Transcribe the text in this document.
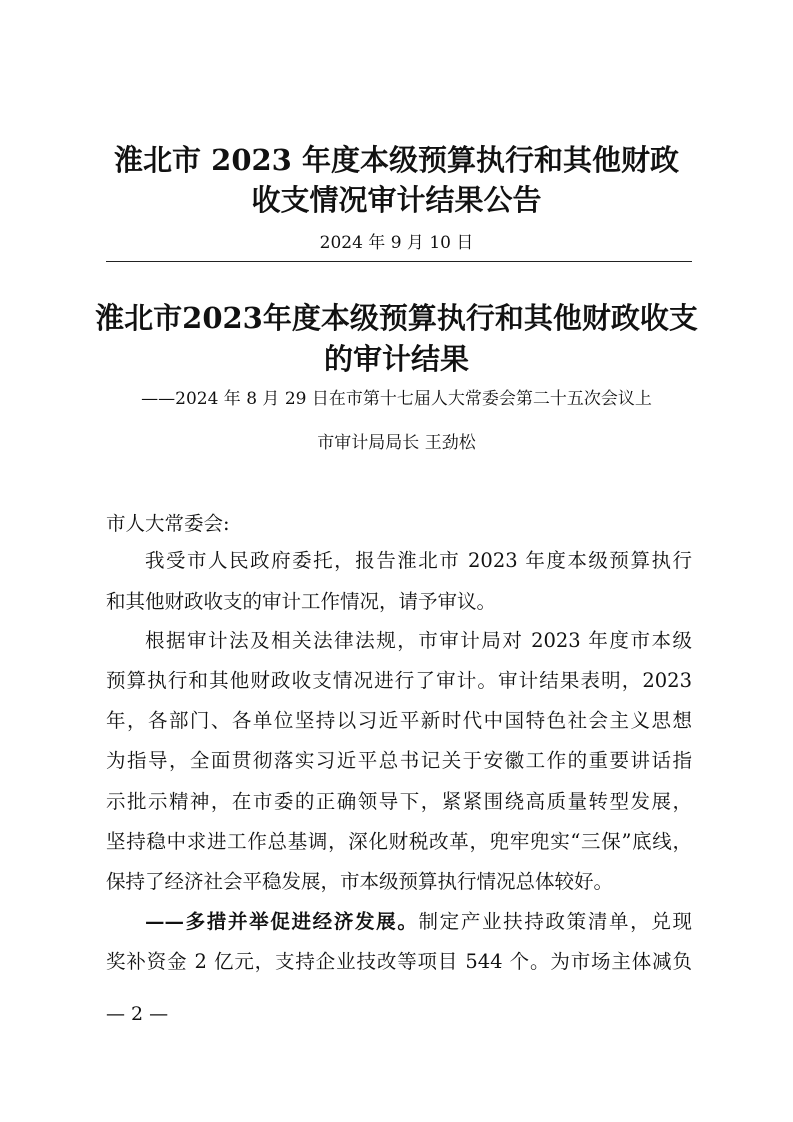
淮北市 2023 年度本级预算执行和其他财政
收支情况审计结果公告
2024 年 9 月 10 日
淮北市2023年度本级预算执行和其他财政收支
的审计结果
——2024 年 8 月 29 日在市第十七届人大常委会第二十五次会议上
市审计局局长 王劲松
市人大常委会:
我受市人民政府委托，报告淮北市 2023 年度本级预算执行
和其他财政收支的审计工作情况，请予审议。
根据审计法及相关法律法规，市审计局对 2023 年度市本级
预算执行和其他财政收支情况进行了审计。审计结果表明，2023
年，各部门、各单位坚持以习近平新时代中国特色社会主义思想
为指导，全面贯彻落实习近平总书记关于安徽工作的重要讲话指
示批示精神，在市委的正确领导下，紧紧围绕高质量转型发展，
坚持稳中求进工作总基调，深化财税改革，兜牢兜实“三保”底线，
保持了经济社会平稳发展，市本级预算执行情况总体较好。
——多措并举促进经济发展。制定产业扶持政策清单，兑现
奖补资金 2 亿元，支持企业技改等项目 544 个。为市场主体减负
— 2 —
